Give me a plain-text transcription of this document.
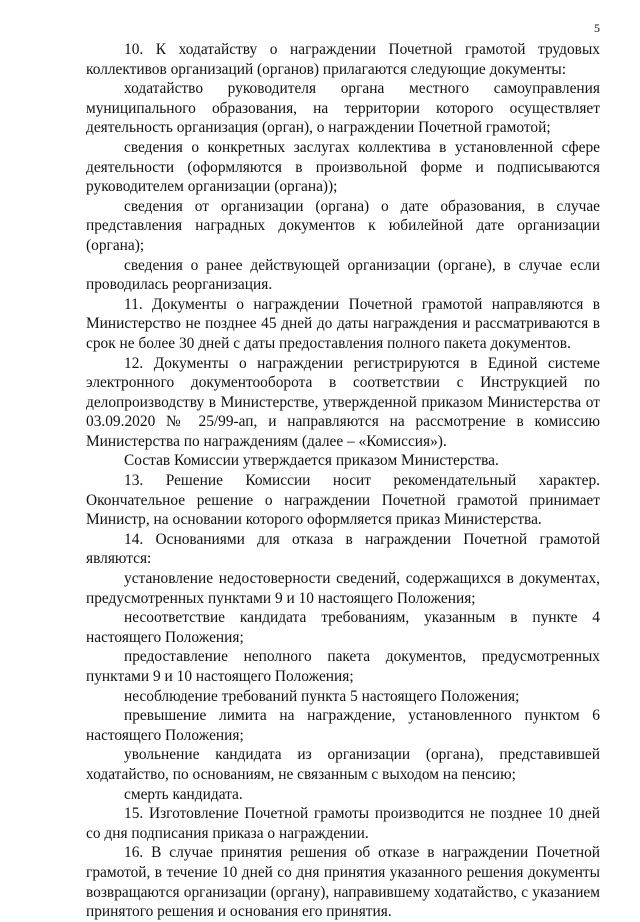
5

10. К ходатайству о награждении Почетной грамотой трудовых коллективов организаций (органов) прилагаются следующие документы:

ходатайство руководителя органа местного самоуправления муниципального образования, на территории которого осуществляет деятельность организация (орган), о награждении Почетной грамотой;

сведения о конкретных заслугах коллектива в установленной сфере деятельности (оформляются в произвольной форме и подписываются руководителем организации (органа));

сведения от организации (органа) о дате образования, в случае представления наградных документов к юбилейной дате организации (органа);

сведения о ранее действующей организации (органе), в случае если проводилась реорганизация.

11. Документы о награждении Почетной грамотой направляются в Министерство не позднее 45 дней до даты награждения и рассматриваются в срок не более 30 дней с даты предоставления полного пакета документов.

12. Документы о награждении регистрируются в Единой системе электронного документооборота в соответствии с Инструкцией по делопроизводству в Министерстве, утвержденной приказом Министерства от 03.09.2020 № 25/99-ап, и направляются на рассмотрение в комиссию Министерства по награждениям (далее – «Комиссия»).

Состав Комиссии утверждается приказом Министерства.

13. Решение Комиссии носит рекомендательный характер. Окончательное решение о награждении Почетной грамотой принимает Министр, на основании которого оформляется приказ Министерства.

14. Основаниями для отказа в награждении Почетной грамотой являются:

установление недостоверности сведений, содержащихся в документах, предусмотренных пунктами 9 и 10 настоящего Положения;

несоответствие кандидата требованиям, указанным в пункте 4 настоящего Положения;

предоставление неполного пакета документов, предусмотренных пунктами 9 и 10 настоящего Положения;

несоблюдение требований пункта 5 настоящего Положения;

превышение лимита на награждение, установленного пунктом 6 настоящего Положения;

увольнение кандидата из организации (органа), представившей ходатайство, по основаниям, не связанным с выходом на пенсию;

смерть кандидата.

15. Изготовление Почетной грамоты производится не позднее 10 дней со дня подписания приказа о награждении.

16. В случае принятия решения об отказе в награждении Почетной грамотой, в течение 10 дней со дня принятия указанного решения документы возвращаются организации (органу), направившему ходатайство, с указанием принятого решения и основания его принятия.
